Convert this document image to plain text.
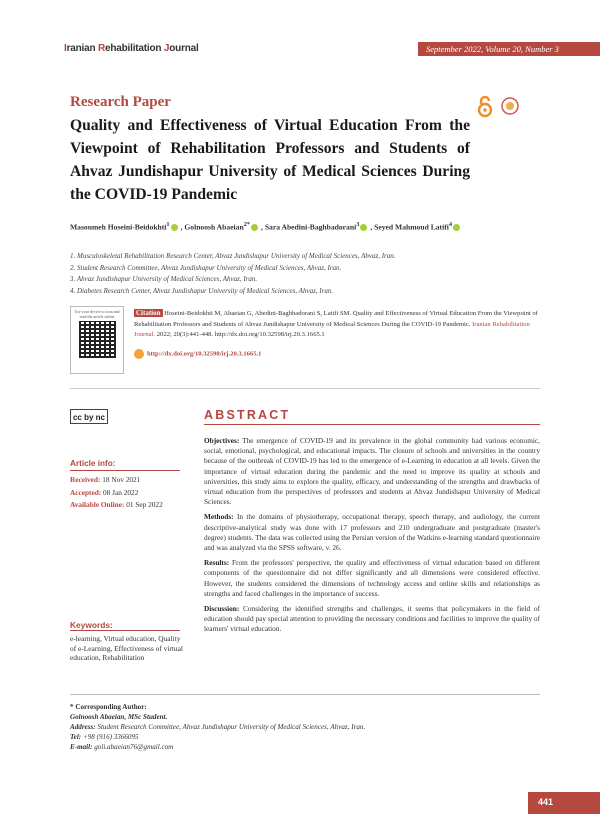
Iranian Rehabilitation Journal	September 2022, Volume 20, Number 3
Research Paper
Quality and Effectiveness of Virtual Education From the Viewpoint of Rehabilitation Professors and Students of Ahvaz Jundishapur University of Medical Sciences During the COVID-19 Pandemic
Masoumeh Hoseini-Beidokhti$^1$ , Golnoosh Abaeian$^{2*}$ , Sara Abedini-Baghbadorani$^3$ , Seyed Mahmoud Latifi$^4$
1. Musculoskeletal Rehabilitation Research Center, Ahvaz Jundishapur University of Medical Sciences, Ahvaz, Iran.
2. Student Research Committee, Ahvaz Jundishapur University of Medical Sciences, Ahvaz, Iran.
3. Ahvaz Jundishapur University of Medical Sciences, Ahvaz, Iran.
4. Diabetes Research Center, Ahvaz Jundishapur University of Medical Sciences, Ahvaz, Iran.
Use your device to scan and read the article online	Citation Hoseini-Beidokhti M, Abaeian G, Abedini-Baghbadorani S, Latifi SM. Quality and Effectiveness of Virtual Education From the Viewpoint of Rehabilitation Professors and Students of Ahvaz Jundishapur University of Medical Sciences During the COVID-19 Pandemic. Iranian Rehabilitation Journal. 2022; 20(3):441-448. http://dx.doi.org/10.32598/irj.20.3.1665.1
http://dx.doi.org/10.32598/irj.20.3.1665.1
cc by nc	ABSTRACT

Objectives: The emergence of COVID-19 and its prevalence in the global community had various economic, social, emotional, psychological, and educational impacts. The closure of schools and universities in the country because of the outbreak of COVID-19 has led to the emergence of e-Learning in education at all levels. Given the importance of virtual education during the pandemic and the need to improve its quality at schools and universities, this study aims to explore the quality, efficacy, and understanding of the strengths and drawbacks of virtual education from the perspectives of professors and students at Ahvaz Jundishapur University of Medical Sciences.

Methods: In the domains of physiotherapy, occupational therapy, speech therapy, and audiology, the current descriptive-analytical study was done with 17 professors and 210 undergraduate and postgraduate (master's degree) students. The data was collected using the Persian version of the Watkins e-learning standard questionnaire and was analyzed via the SPSS software, v. 26.

Results: From the professors' perspective, the quality and effectiveness of virtual education based on different components of the questionnaire did not differ significantly and all dimensions were considered effective. However, the students considered the dimensions of technology access and online skills and relationships as strengths and faced challenges in the importance of success.

Discussion: Considering the identified strengths and challenges, it seems that policymakers in the field of education should pay special attention to providing the necessary conditions and facilities to improve the quality of learners' virtual education.

Article info:
Received: 18 Nov 2021
Accepted: 08 Jan 2022
Available Online: 01 Sep 2022
Keywords:
e-learning, Virtual education, Quality of e-Learning, Effectiveness of virtual education, Rehabilitation
* Corresponding Author:
Golnoosh Abaeian, MSc Student.
Address: Student Research Committee, Ahvaz Jundishapur University of Medical Sciences, Ahvaz, Iran.
Tel: +98 (916) 3366095
E-mail: goli.abaeian76@gmail.com
441
